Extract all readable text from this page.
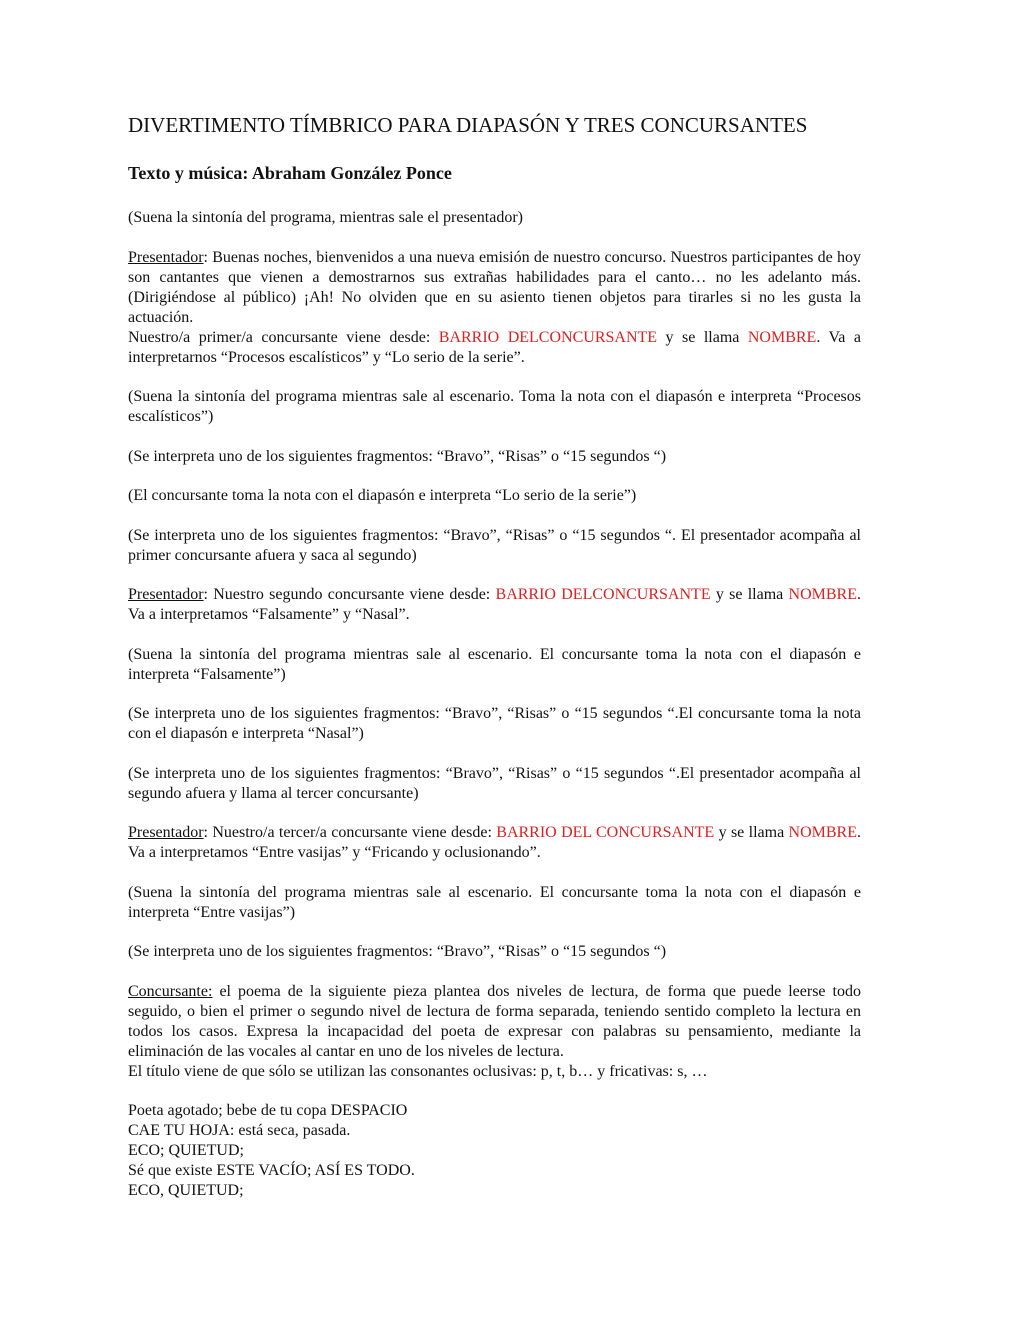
DIVERTIMENTO TÍMBRICO PARA DIAPASÓN Y TRES CONCURSANTES
Texto y música: Abraham González Ponce

(Suena la sintonía del programa, mientras sale el presentador)

Presentador: Buenas noches, bienvenidos a una nueva emisión de nuestro concurso. Nuestros participantes de hoy son cantantes que vienen a demostrarnos sus extrañas habilidades para el canto… no les adelanto más. (Dirigiéndose al público) ¡Ah! No olviden que en su asiento tienen objetos para tirarles si no les gusta la actuación.

Nuestro/a primer/a concursante viene desde: BARRIO DELCONCURSANTE y se llama NOMBRE. Va a interpretarnos “Procesos escalísticos” y “Lo serio de la serie”.

(Suena la sintonía del programa mientras sale al escenario. Toma la nota con el diapasón e interpreta “Procesos escalísticos”)

(Se interpreta uno de los siguientes fragmentos: “Bravo”, “Risas” o “15 segundos “)

(El concursante toma la nota con el diapasón e interpreta “Lo serio de la serie”)

(Se interpreta uno de los siguientes fragmentos: “Bravo”, “Risas” o “15 segundos “. El presentador acompaña al primer concursante afuera y saca al segundo)

Presentador: Nuestro segundo concursante viene desde: BARRIO DELCONCURSANTE y se llama NOMBRE. Va a interpretamos “Falsamente” y “Nasal”.

(Suena la sintonía del programa mientras sale al escenario. El concursante toma la nota con el diapasón e interpreta “Falsamente”)

(Se interpreta uno de los siguientes fragmentos: “Bravo”, “Risas” o “15 segundos “.El concursante toma la nota con el diapasón e interpreta “Nasal”)

(Se interpreta uno de los siguientes fragmentos: “Bravo”, “Risas” o “15 segundos “.El presentador acompaña al segundo afuera y llama al tercer concursante)

Presentador: Nuestro/a tercer/a concursante viene desde: BARRIO DEL CONCURSANTE y se llama NOMBRE. Va a interpretamos “Entre vasijas” y “Fricando y oclusionando”.

(Suena la sintonía del programa mientras sale al escenario. El concursante toma la nota con el diapasón e interpreta “Entre vasijas”)

(Se interpreta uno de los siguientes fragmentos: “Bravo”, “Risas” o “15 segundos “)

Concursante: el poema de la siguiente pieza plantea dos niveles de lectura, de forma que puede leerse todo seguido, o bien el primer o segundo nivel de lectura de forma separada, teniendo sentido completo la lectura en todos los casos. Expresa la incapacidad del poeta de expresar con palabras su pensamiento, mediante la eliminación de las vocales al cantar en uno de los niveles de lectura.

El título viene de que sólo se utilizan las consonantes oclusivas: p, t, b… y fricativas: s, …

Poeta agotado; bebe de tu copa DESPACIO
CAE TU HOJA: está seca, pasada.
ECO; QUIETUD;
Sé que existe ESTE VACÍO; ASÍ ES TODO.
ECO, QUIETUD;
